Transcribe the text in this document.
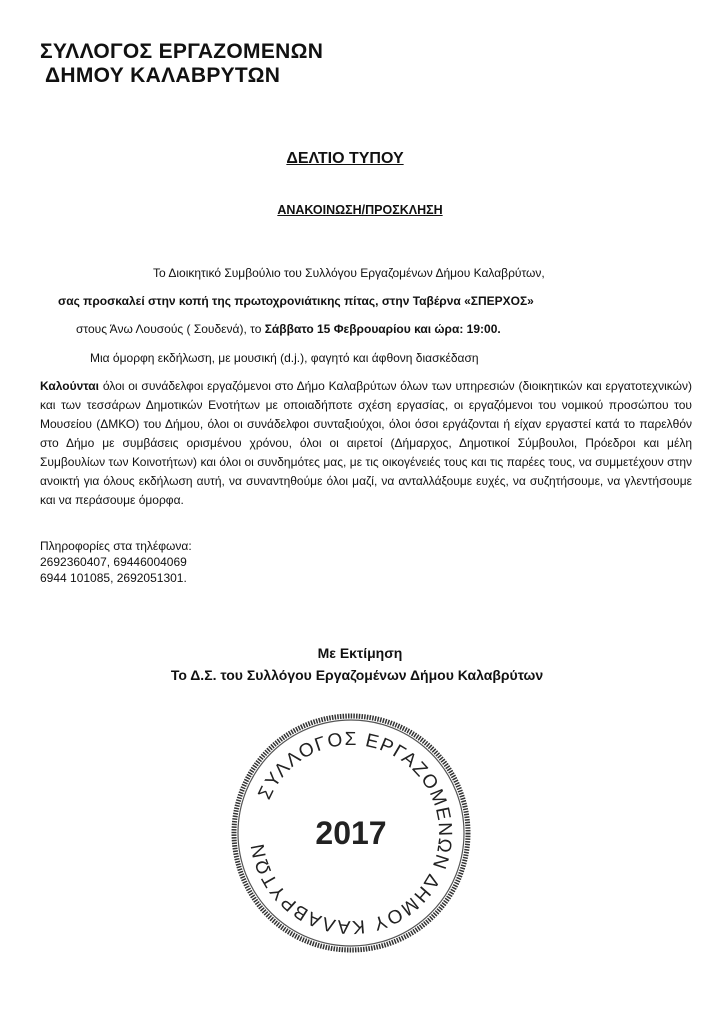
ΣΥΛΛΟΓΟΣ ΕΡΓΑΖΟΜΕΝΩΝ

ΔΗΜΟΥ ΚΑΛΑΒΡΥΤΩΝ

ΔΕΛΤΙΟ ΤΥΠΟΥ

ΑΝΑΚΟΙΝΩΣΗ/ΠΡΟΣΚΛΗΣΗ

Το Διοικητικό Συμβούλιο του Συλλόγου Εργαζομένων Δήμου Καλαβρύτων,

σας προσκαλεί στην κοπή της πρωτοχρονιάτικης πίτας, στην Ταβέρνα «ΣΠΕΡΧΟΣ»

στους Άνω Λουσούς ( Σουδενά), το Σάββατο 15 Φεβρουαρίου και ώρα: 19:00.

Μια όμορφη εκδήλωση, με μουσική (d.j.), φαγητό και άφθονη διασκέδαση

Καλούνται όλοι οι συνάδελφοι εργαζόμενοι στο Δήμο Καλαβρύτων όλων των υπηρεσιών (διοικητικών και εργατοτεχνικών) και των τεσσάρων Δημοτικών Ενοτήτων με οποιαδήποτε σχέση εργασίας, οι εργαζόμενοι του νομικού προσώπου του Μουσείου (ΔΜΚΟ) του Δήμου, όλοι οι συνάδελφοι συνταξιούχοι, όλοι όσοι εργάζονται ή είχαν εργαστεί κατά το παρελθόν στο Δήμο με συμβάσεις ορισμένου χρόνου, όλοι οι αιρετοί (Δήμαρχος, Δημοτικοί Σύμβουλοι, Πρόεδροι και μέλη Συμβουλίων των Κοινοτήτων) και όλοι οι συνδημότες μας, με τις οικογένειές τους και τις παρέες τους, να συμμετέχουν στην ανοικτή για όλους εκδήλωση αυτή, να συναντηθούμε όλοι μαζί, να ανταλλάξουμε ευχές, να συζητήσουμε, να γλεντήσουμε και να περάσουμε όμορφα.

Πληροφορίες στα τηλέφωνα:
2692360407, 69446004069
6944 101085, 2692051301.

Με Εκτίμηση

Το Δ.Σ. του Συλλόγου Εργαζομένων Δήμου Καλαβρύτων

ΣΥΛΛΟΓΟΣ ΕΡΓΑΖΟΜΕΝΩΝ ΔΗΜΟΥ ΚΑΛΑΒΡΥΤΩΝ	2017
